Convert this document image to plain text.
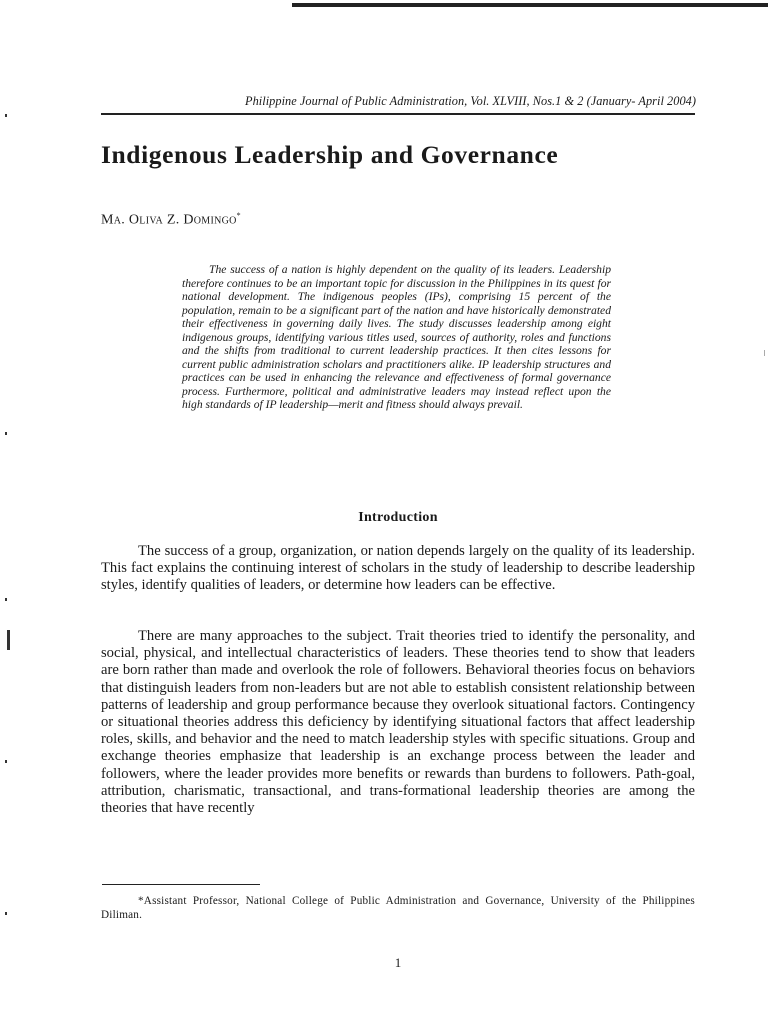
Philippine Journal of Public Administration, Vol. XLVIII, Nos.1 & 2 (January- April 2004)
Indigenous Leadership and Governance
Ma. Oliva Z. Domingo*

The success of a nation is highly dependent on the quality of its leaders. Leadership therefore continues to be an important topic for discussion in the Philippines in its quest for national development. The indigenous peoples (IPs), comprising 15 percent of the population, remain to be a significant part of the nation and have historically demonstrated their effectiveness in governing daily lives. The study discusses leadership among eight indigenous groups, identifying various titles used, sources of authority, roles and functions and the shifts from traditional to current leadership practices. It then cites lessons for current public administration scholars and practitioners alike. IP leadership structures and practices can be used in enhancing the relevance and effectiveness of formal governance process. Furthermore, political and administrative leaders may instead reflect upon the high standards of IP leadership—merit and fitness should always prevail.

Introduction

The success of a group, organization, or nation depends largely on the quality of its leadership. This fact explains the continuing interest of scholars in the study of leadership to describe leadership styles, identify qualities of leaders, or determine how leaders can be effective.

There are many approaches to the subject. Trait theories tried to identify the personality, and social, physical, and intellectual characteristics of leaders. These theories tend to show that leaders are born rather than made and overlook the role of followers. Behavioral theories focus on behaviors that distinguish leaders from non-leaders but are not able to establish consistent relationship between patterns of leadership and group performance because they overlook situational factors. Contingency or situational theories address this deficiency by identifying situational factors that affect leadership roles, skills, and behavior and the need to match leadership styles with specific situations. Group and exchange theories emphasize that leadership is an exchange process between the leader and followers, where the leader provides more benefits or rewards than burdens to followers. Path-goal, attribution, charismatic, transactional, and trans-formational leadership theories are among the theories that have recently

*Assistant Professor, National College of Public Administration and Governance, University of the Philippines Diliman.

1
